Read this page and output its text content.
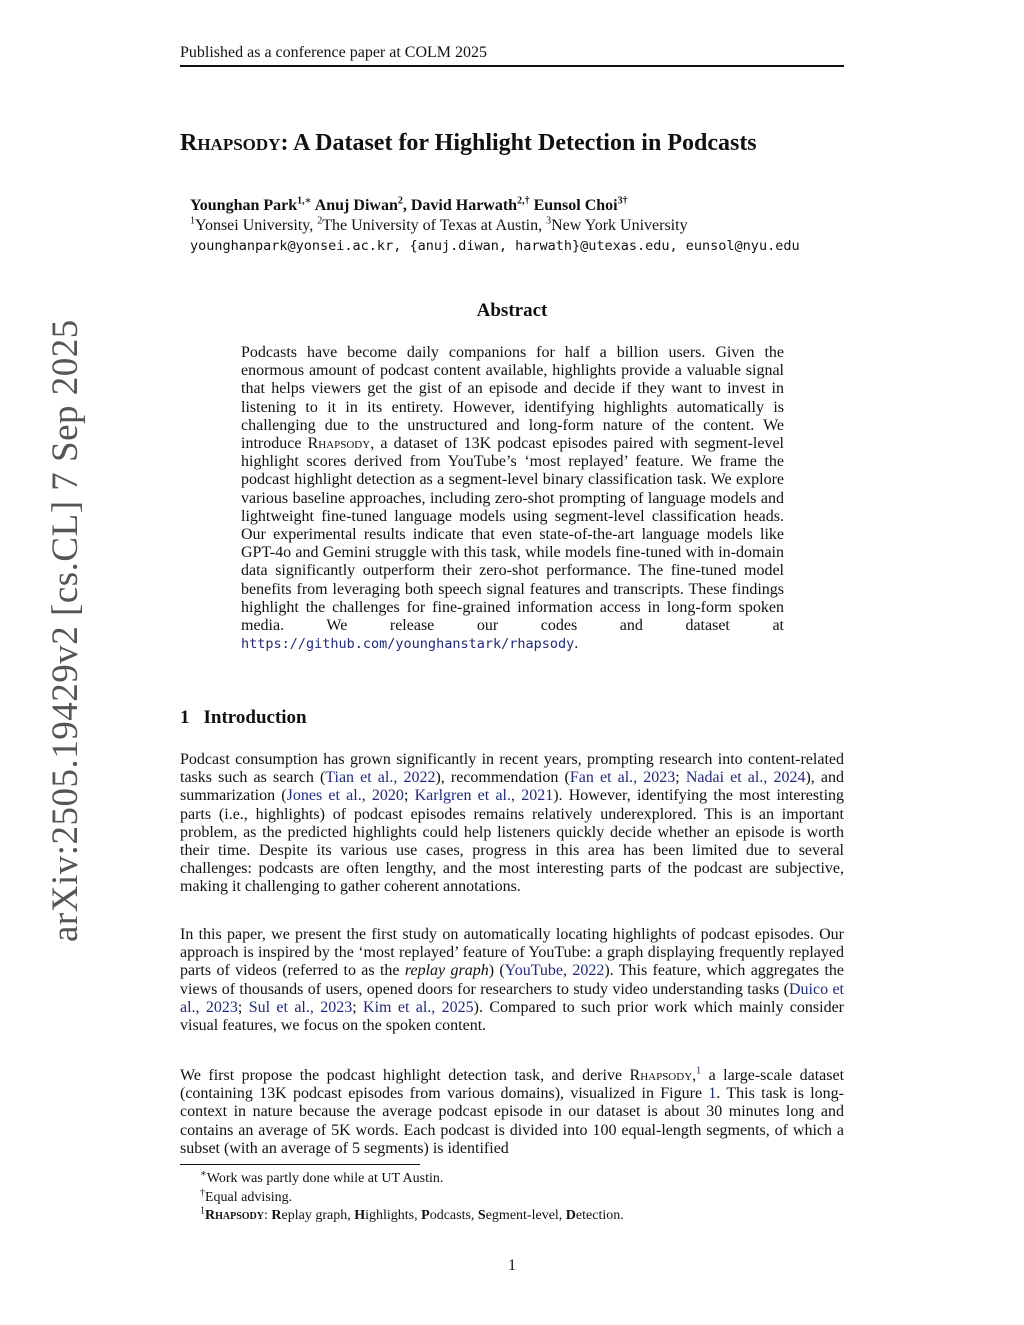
Published as a conference paper at COLM 2025
arXiv:2505.19429v2 [cs.CL] 7 Sep 2025
Rhapsody: A Dataset for Highlight Detection in Podcasts
Younghan Park$^{1,∗}$ Anuj Diwan$^2$, David Harwath$^{2,\dagger}$ Eunsol Choi$^{3\dagger}$
$^1$Yonsei University, $^2$The University of Texas at Austin, $^3$New York University
younghanpark@yonsei.ac.kr, {anuj.diwan, harwath}@utexas.edu, eunsol@nyu.edu
Abstract

Podcasts have become daily companions for half a billion users. Given the enormous amount of podcast content available, highlights provide a valuable signal that helps viewers get the gist of an episode and decide if they want to invest in listening to it in its entirety. However, identifying highlights automatically is challenging due to the unstructured and long-form nature of the content. We introduce Rhapsody, a dataset of 13K podcast episodes paired with segment-level highlight scores derived from YouTube’s ‘most replayed’ feature. We frame the podcast highlight detection as a segment-level binary classification task. We explore various baseline approaches, including zero-shot prompting of language models and lightweight fine-tuned language models using segment-level classification heads. Our experimental results indicate that even state-of-the-art language models like GPT-4o and Gemini struggle with this task, while models fine-tuned with in-domain data significantly outperform their zero-shot performance. The fine-tuned model benefits from leveraging both speech signal features and transcripts. These findings highlight the challenges for fine-grained information access in long-form spoken media. We release our codes and dataset at https://github.com/younghanstark/rhapsody.

1 Introduction

Podcast consumption has grown significantly in recent years, prompting research into content-related tasks such as search (Tian et al., 2022), recommendation (Fan et al., 2023; Nadai et al., 2024), and summarization (Jones et al., 2020; Karlgren et al., 2021). However, identifying the most interesting parts (i.e., highlights) of podcast episodes remains relatively underexplored. This is an important problem, as the predicted highlights could help listeners quickly decide whether an episode is worth their time. Despite its various use cases, progress in this area has been limited due to several challenges: podcasts are often lengthy, and the most interesting parts of the podcast are subjective, making it challenging to gather coherent annotations.

In this paper, we present the first study on automatically locating highlights of podcast episodes. Our approach is inspired by the ‘most replayed’ feature of YouTube: a graph displaying frequently replayed parts of videos (referred to as the replay graph) (YouTube, 2022). This feature, which aggregates the views of thousands of users, opened doors for researchers to study video understanding tasks (Duico et al., 2023; Sul et al., 2023; Kim et al., 2025). Compared to such prior work which mainly consider visual features, we focus on the spoken content.

We first propose the podcast highlight detection task, and derive Rhapsody,$^1$ a large-scale dataset (containing 13K podcast episodes from various domains), visualized in Figure 1. This task is long-context in nature because the average podcast episode in our dataset is about 30 minutes long and contains an average of 5K words. Each podcast is divided into 100 equal-length segments, of which a subset (with an average of 5 segments) is identified

∗Work was partly done while at UT Austin.
†Equal advising.
$^1$Rhapsody: Replay graph, Highlights, Podcasts, Segment-level, Detection.
1
